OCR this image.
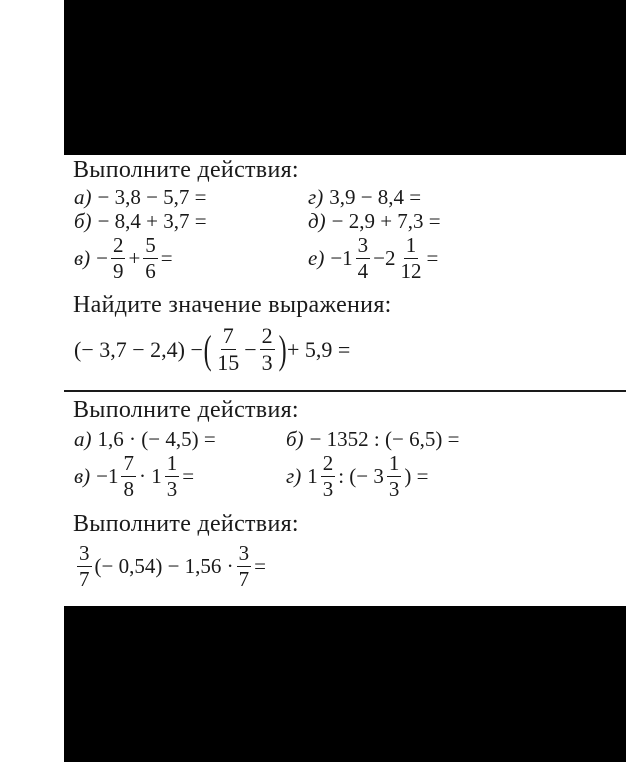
Выполните действия:
а) − 3,8 − 5,7 =
б) − 8,4 + 3,7 =
$в) - \frac{2}{9} + \frac{5}{6}$ =
г) 3,9 − 8,4 =
д) − 2,9 + 7,3 =
$е) -1 \frac{3}{4} -2 \frac{1}{12}$ =
Найдите значение выражения:
(− 3,7 − 2,4) − ( $\frac{7}{15} - \frac{2}{3}$ ) + 5,9 =
Выполните действия:
а) 1,6 · (− 4,5) =	б) − 1352 : (− 6,5) =
$в) -1 \frac{7}{8} \cdot 1 \frac{1}{3}$ =	г) $1 \frac{2}{3}$ : (− $3 \frac{1}{3}$ ) =
Выполните действия:
$\frac{3}{7}$ (− $0,54) - 1,56 \cdot \frac{3}{7}$ =
